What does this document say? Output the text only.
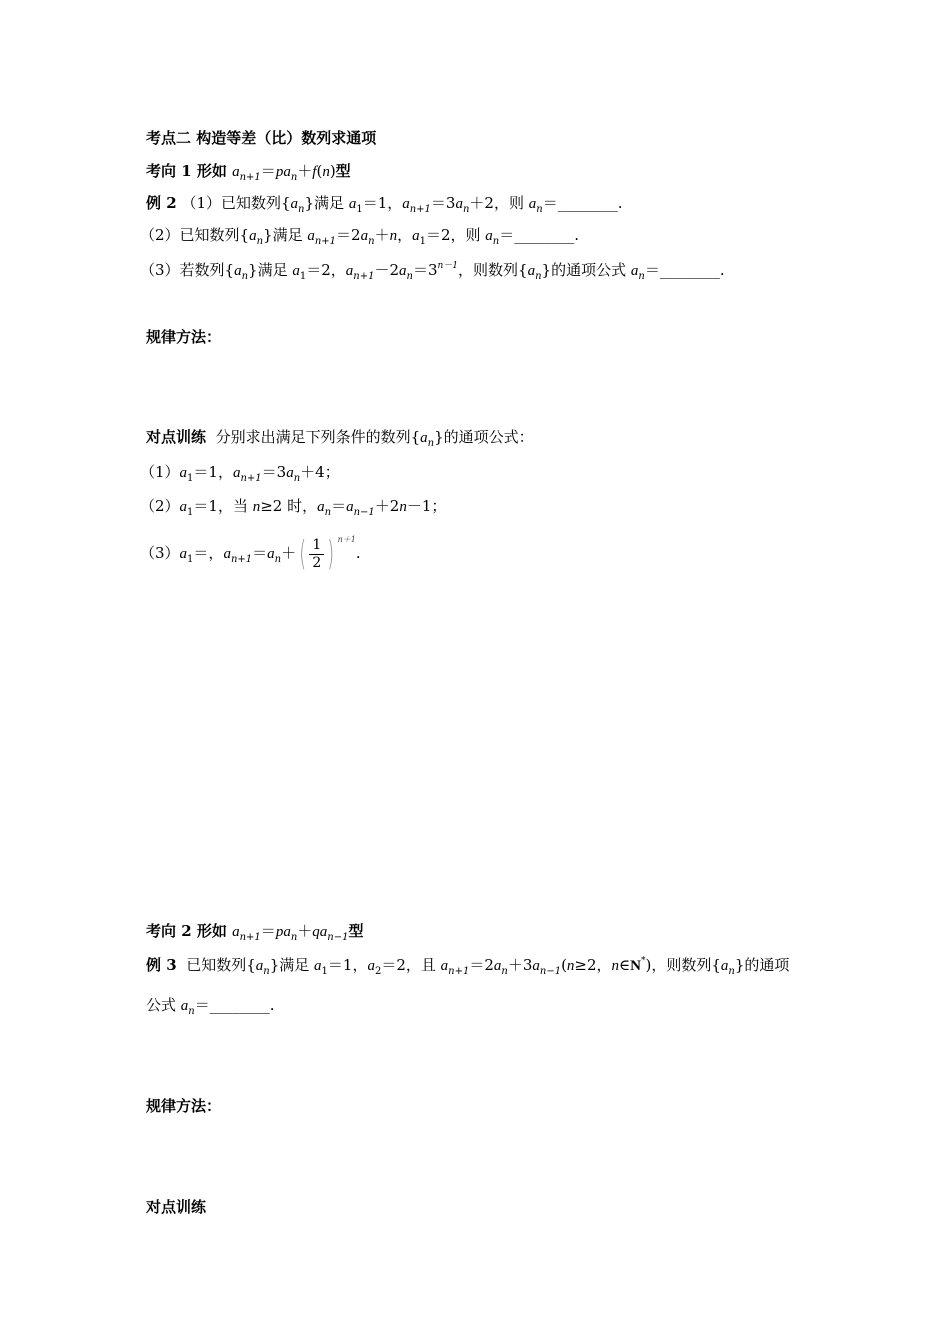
考点二 构造等差（比）数列求通项
考向 1 形如 $a_{n+1}=pa_n+f(n)$型
例 2 （1）已知数列$\{a_n\}$满足 $a_1=1$，$a_{n+1}=3a_n+2$，则 $a_n=\_\_\_\_\_\_\_\_$.
（2）已知数列$\{a_n\}$满足 $a_{n+1}=2a_n+n$，$a_1=2$，则 $a_n=\_\_\_\_\_\_\_\_$.
（3）若数列$\{a_n\}$满足 $a_1=2$，$a_{n+1}-2a_n=3^{n-1}$，则数列$\{a_n\}$的通项公式 $a_n=\_\_\_\_\_\_\_\_$.
规律方法：
对点训练 分别求出满足下列条件的数列$\{a_n\}$的通项公式：
$(1)a_1=1$，$a_{n+1}=3a_n+4$；
$(2)a_1=1$，当 n≥2 时，$a_n=a_{n-1}+2n-1$；
$(3)a_1=$，$a_{n+1}=a_n+( \frac{1}{2}$ ) $^{n+1}$.
考向 2 形如 $a_{n+1}=pa_n+qa_{n-1}$型
例 3 已知数列$\{a_n\}$满足 $a_1=1$，$a_2=2$，且 $a_{n+1}=2a_n+3a_{n-1}(n\ge 2$，n∈N*)，则数列$\{a_n\}$的通项
公式 $a_n=\_\_\_\_\_\_\_\_$.
规律方法：
对点训练
